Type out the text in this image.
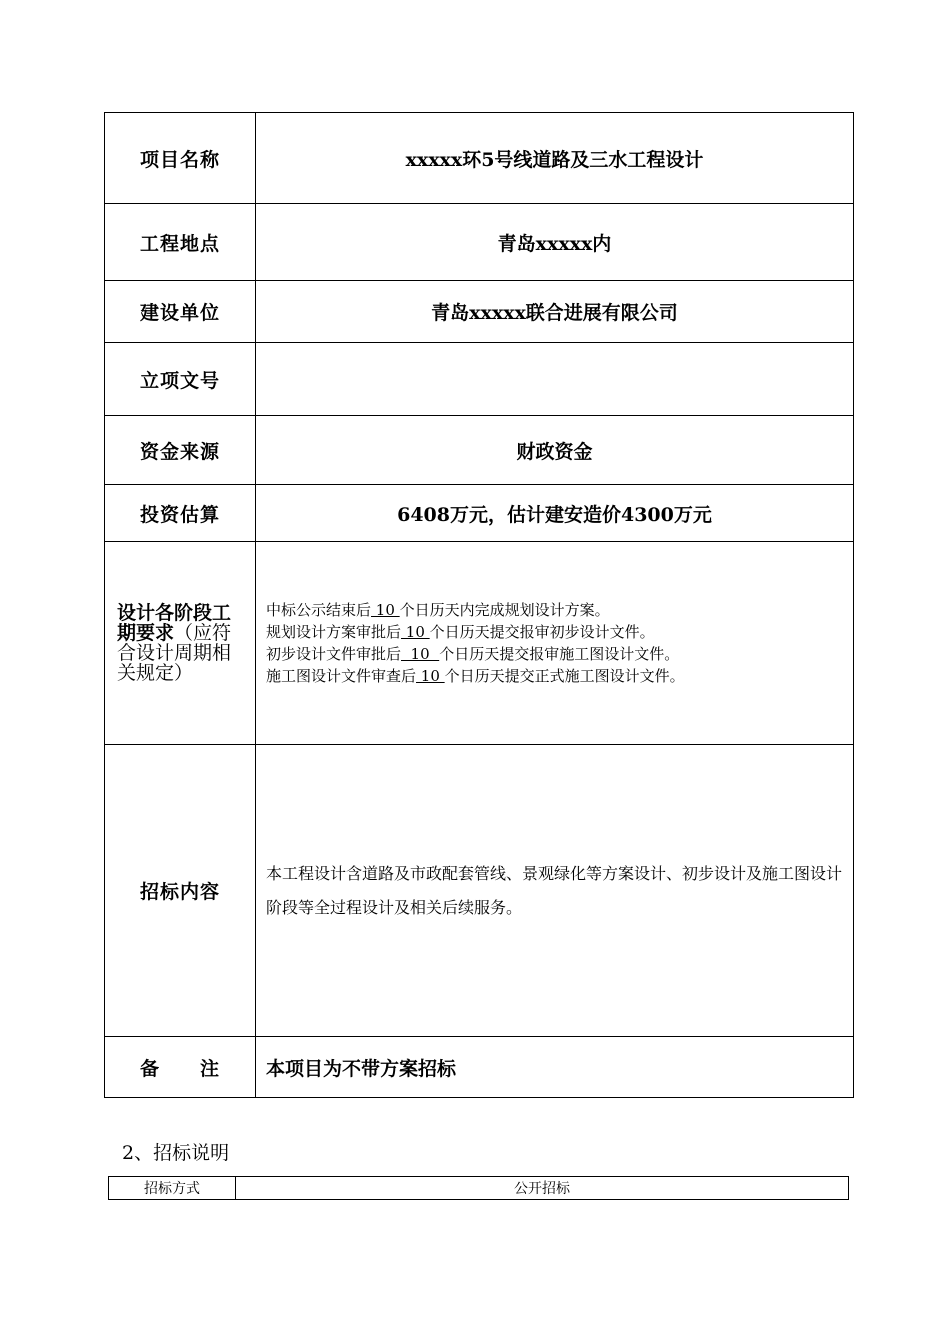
项目名称	xxxxx环5号线道路及三水工程设计
工程地点	青岛xxxxx内
建设单位	青岛xxxxx联合进展有限公司
立项文号	
资金来源	财政资金
投资估算	6408万元，估计建安造价4300万元
设计各阶段工期要求（应符合设计周期相关规定）	中标公示结束后 10 个日历天内完成规划设计方案。
规划设计方案审批后 10 个日历天提交报审初步设计文件。
初步设计文件审批后  10  个日历天提交报审施工图设计文件。
施工图设计文件审查后 10 个日历天提交正式施工图设计文件。

招标内容	本工程设计含道路及市政配套管线、景观绿化等方案设计、初步设计及施工图设计阶段等全过程设计及相关后续服务。
备　　注	本项目为不带方案招标
2、招标说明
招标方式	公开招标
